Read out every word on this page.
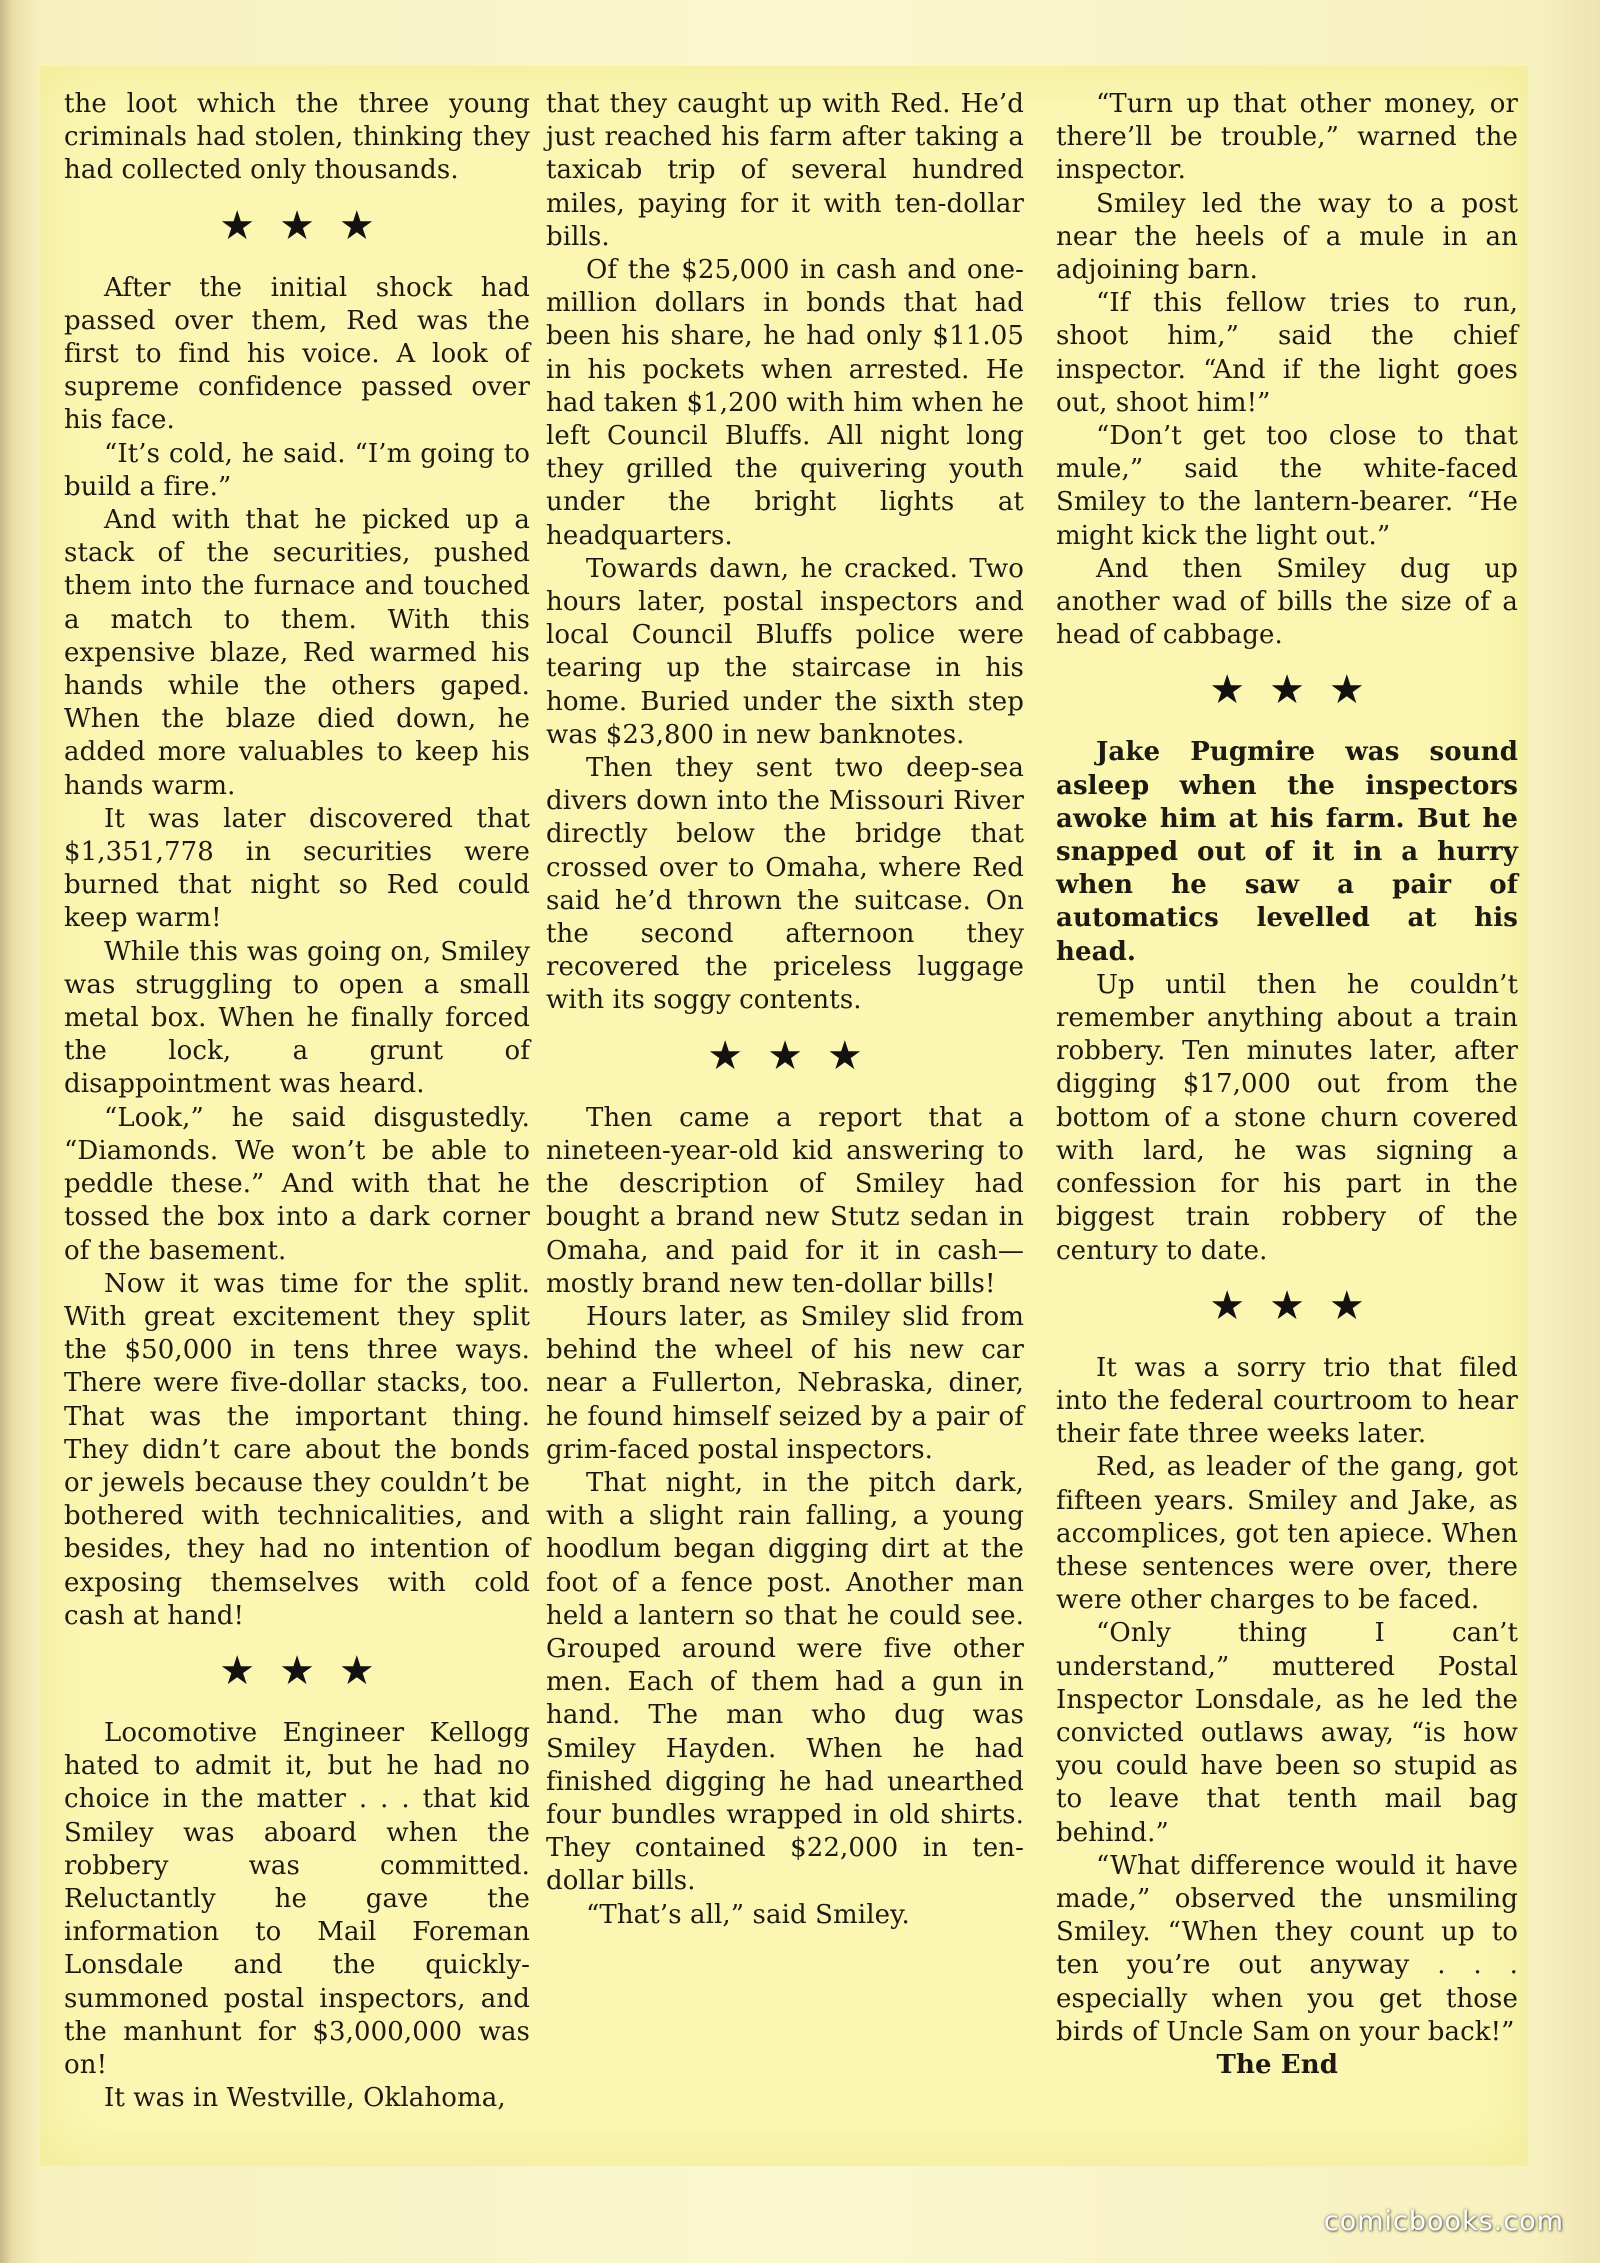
the loot which the three young criminals had stolen, thinking they had collected only thousands.

★★★

After the initial shock had passed over them, Red was the first to find his voice. A look of supreme confidence passed over his face.

“It’s cold, he said. “I’m going to build a fire.”

And with that he picked up a stack of the securities, pushed them into the furnace and touched a match to them. With this expensive blaze, Red warmed his hands while the others gaped. When the blaze died down, he added more valuables to keep his hands warm.

It was later discovered that $1,351,778 in securities were burned that night so Red could keep warm!

While this was going on, Smiley was struggling to open a small metal box. When he finally forced the lock, a grunt of disappointment was heard.

“Look,” he said disgustedly. “Diamonds. We won’t be able to peddle these.” And with that he tossed the box into a dark corner of the basement.

Now it was time for the split. With great excitement they split the $50,000 in tens three ways. There were five-dollar stacks, too. That was the important thing. They didn’t care about the bonds or jewels because they couldn’t be bothered with technicalities, and besides, they had no intention of exposing themselves with cold cash at hand!

★★★

Locomotive Engineer Kellogg hated to admit it, but he had no choice in the matter . . . that kid Smiley was aboard when the robbery was committed. Reluctantly he gave the information to Mail Foreman Lonsdale and the quickly-summoned postal inspectors, and the manhunt for $3,000,000 was on!

It was in Westville, Oklahoma,

that they caught up with Red. He’d just reached his farm after taking a taxicab trip of several hundred miles, paying for it with ten-dollar bills.

Of the $25,000 in cash and one-million dollars in bonds that had been his share, he had only $11.05 in his pockets when arrested. He had taken $1,200 with him when he left Council Bluffs. All night long they grilled the quivering youth under the bright lights at headquarters.

Towards dawn, he cracked. Two hours later, postal inspectors and local Council Bluffs police were tearing up the staircase in his home. Buried under the sixth step was $23,800 in new banknotes.

Then they sent two deep-sea divers down into the Missouri River directly below the bridge that crossed over to Omaha, where Red said he’d thrown the suitcase. On the second afternoon they recovered the priceless luggage with its soggy contents.

★★★

Then came a report that a nineteen-year-old kid answering to the description of Smiley had bought a brand new Stutz sedan in Omaha, and paid for it in cash—mostly brand new ten-dollar bills!

Hours later, as Smiley slid from behind the wheel of his new car near a Fullerton, Nebraska, diner, he found himself seized by a pair of grim-faced postal inspectors.

That night, in the pitch dark, with a slight rain falling, a young hoodlum began digging dirt at the foot of a fence post. Another man held a lantern so that he could see. Grouped around were five other men. Each of them had a gun in hand. The man who dug was Smiley Hayden. When he had finished digging he had unearthed four bundles wrapped in old shirts. They contained $22,000 in ten-dollar bills.

“That’s all,” said Smiley.

“Turn up that other money, or there’ll be trouble,” warned the inspector.

Smiley led the way to a post near the heels of a mule in an adjoining barn.

“If this fellow tries to run, shoot him,” said the chief inspector. “And if the light goes out, shoot him!”

“Don’t get too close to that mule,” said the white-faced Smiley to the lantern-bearer. “He might kick the light out.”

And then Smiley dug up another wad of bills the size of a head of cabbage.

★★★

Jake Pugmire was sound asleep when the inspectors awoke him at his farm. But he snapped out of it in a hurry when he saw a pair of automatics levelled at his head.

Up until then he couldn’t remember anything about a train robbery. Ten minutes later, after digging $17,000 out from the bottom of a stone churn covered with lard, he was signing a confession for his part in the biggest train robbery of the century to date.

★★★

It was a sorry trio that filed into the federal courtroom to hear their fate three weeks later.

Red, as leader of the gang, got fifteen years. Smiley and Jake, as accomplices, got ten apiece. When these sentences were over, there were other charges to be faced.

“Only thing I can’t understand,” muttered Postal Inspector Lonsdale, as he led the convicted outlaws away, “is how you could have been so stupid as to leave that tenth mail bag behind.”

“What difference would it have made,” observed the unsmiling Smiley. “When they count up to ten you’re out anyway . . . especially when you get those birds of Uncle Sam on your back!”

The End

comicbooks.com
